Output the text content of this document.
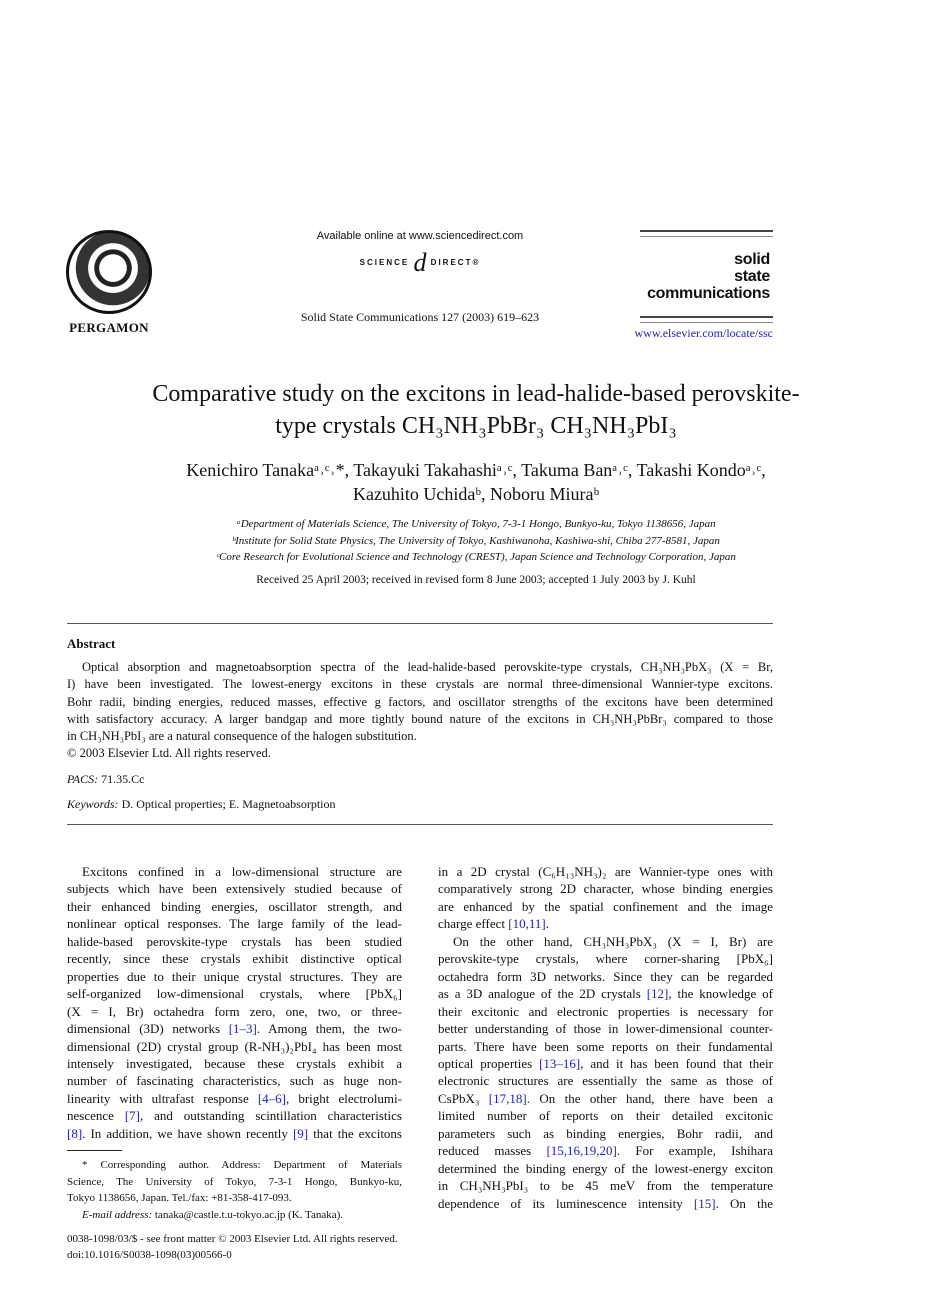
PERGAMON
Available online at www.sciencedirect.com
SCIENCE d DIRECT®
Solid State Communications 127 (2003) 619–623
solid
state
communications
www.elsevier.com/locate/ssc
Comparative study on the excitons in lead-halide-based perovskite-
type crystals CH₃NH₃PbBr₃ CH₃NH₃PbI₃
Kenichiro Tanakaᵃ˒ᶜ˒*, Takayuki Takahashiᵃ˒ᶜ, Takuma Banᵃ˒ᶜ, Takashi Kondoᵃ˒ᶜ,
Kazuhito Uchidaᵇ, Noboru Miuraᵇ
ᵃDepartment of Materials Science, The University of Tokyo, 7-3-1 Hongo, Bunkyo-ku, Tokyo 1138656, Japan
ᵇInstitute for Solid State Physics, The University of Tokyo, Kashiwanoha, Kashiwa-shi, Chiba 277-8581, Japan
ᶜCore Research for Evolutional Science and Technology (CREST), Japan Science and Technology Corporation, Japan
Received 25 April 2003; received in revised form 8 June 2003; accepted 1 July 2003 by J. Kuhl
Abstract
Optical absorption and magnetoabsorption spectra of the lead-halide-based perovskite-type crystals, CH₃NH₃PbX₃ (X = Br,
I) have been investigated. The lowest-energy excitons in these crystals are normal three-dimensional Wannier-type excitons.
Bohr radii, binding energies, reduced masses, effective g factors, and oscillator strengths of the excitons have been determined
with satisfactory accuracy. A larger bandgap and more tightly bound nature of the excitons in CH₃NH₃PbBr₃ compared to those
in CH₃NH₃PbI₃ are a natural consequence of the halogen substitution.
© 2003 Elsevier Ltd. All rights reserved.
PACS: 71.35.Cc
Keywords: D. Optical properties; E. Magnetoabsorption
Excitons confined in a low-dimensional structure are
subjects which have been extensively studied because of
their enhanced binding energies, oscillator strength, and
nonlinear optical responses. The large family of the lead-
halide-based perovskite-type crystals has been studied
recently, since these crystals exhibit distinctive optical
properties due to their unique crystal structures. They are
self-organized low-dimensional crystals, where [PbX₆]
(X = I, Br) octahedra form zero, one, two, or three-
dimensional (3D) networks [1–3]. Among them, the two-
dimensional (2D) crystal group (R-NH₃)₂PbI₄ has been most
intensely investigated, because these crystals exhibit a
number of fascinating characteristics, such as huge non-
linearity with ultrafast response [4–6], bright electrolumi-
nescence [7], and outstanding scintillation characteristics
[8]. In addition, we have shown recently [9] that the excitons
in a 2D crystal (C₆H₁₃NH₃)₂ are Wannier-type ones with
comparatively strong 2D character, whose binding energies
are enhanced by the spatial confinement and the image
charge effect [10,11].
On the other hand, CH₃NH₃PbX₃ (X = I, Br) are
perovskite-type crystals, where corner-sharing [PbX₆]
octahedra form 3D networks. Since they can be regarded
as a 3D analogue of the 2D crystals [12], the knowledge of
their excitonic and electronic properties is necessary for
better understanding of those in lower-dimensional counter-
parts. There have been some reports on their fundamental
optical properties [13–16], and it has been found that their
electronic structures are essentially the same as those of
CsPbX₃ [17,18]. On the other hand, there have been a
limited number of reports on their detailed excitonic
parameters such as binding energies, Bohr radii, and
reduced masses [15,16,19,20]. For example, Ishihara
determined the binding energy of the lowest-energy exciton
in CH₃NH₃PbI₃ to be 45 meV from the temperature
dependence of its luminescence intensity [15]. On the
* Corresponding author. Address: Department of Materials
Science, The University of Tokyo, 7-3-1 Hongo, Bunkyo-ku,
Tokyo 1138656, Japan. Tel./fax: +81-358-417-093.
E-mail address: tanaka@castle.t.u-tokyo.ac.jp (K. Tanaka).
0038-1098/03/$ - see front matter © 2003 Elsevier Ltd. All rights reserved.
doi:10.1016/S0038-1098(03)00566-0
